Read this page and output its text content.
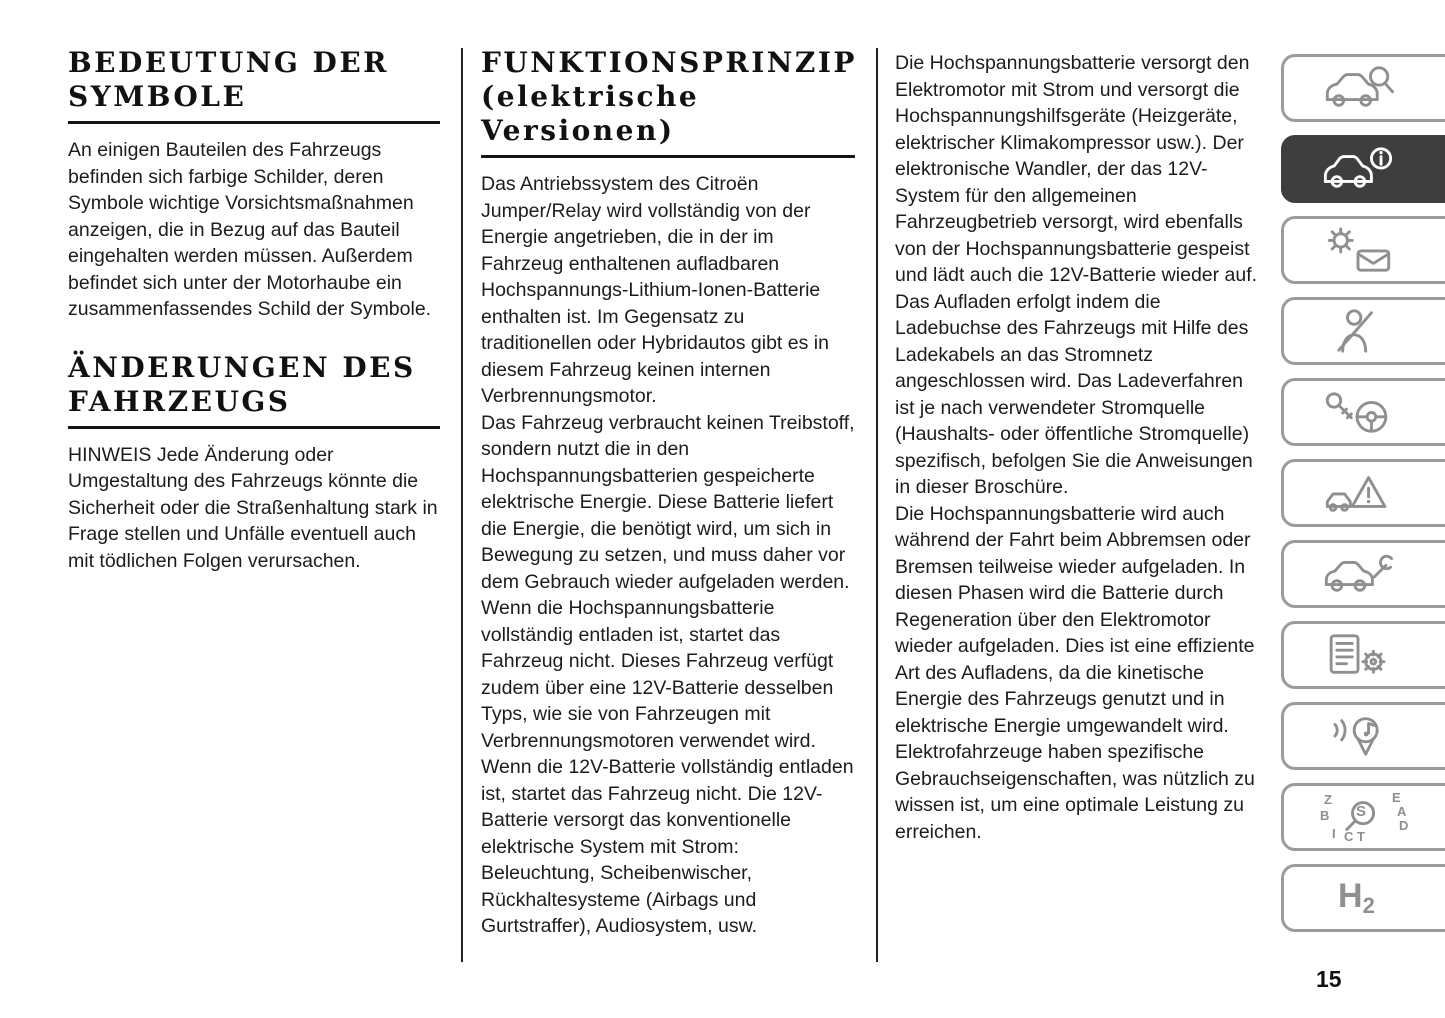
BEDEUTUNG DER SYMBOLE

An einigen Bauteilen des Fahrzeugs befinden sich farbige Schilder, deren Symbole wichtige Vorsichtsmaßnahmen anzeigen, die in Bezug auf das Bauteil eingehalten werden müssen. Außerdem befindet sich unter der Motorhaube ein zusammenfassendes Schild der Symbole.

ÄNDERUNGEN DES FAHRZEUGS

HINWEIS Jede Änderung oder Umgestaltung des Fahrzeugs könnte die Sicherheit oder die Straßenhaltung stark in Frage stellen und Unfälle eventuell auch mit tödlichen Folgen verursachen.

FUNKTIONSPRINZIP (elektrische Versionen)

Das Antriebssystem des Citroën Jumper/Relay wird vollständig von der Energie angetrieben, die in der im Fahrzeug enthaltenen aufladbaren Hochspannungs-Lithium-Ionen-Batterie enthalten ist. Im Gegensatz zu traditionellen oder Hybridautos gibt es in diesem Fahrzeug keinen internen Verbrennungsmotor.

Das Fahrzeug verbraucht keinen Treibstoff, sondern nutzt die in den Hochspannungsbatterien gespeicherte elektrische Energie. Diese Batterie liefert die Energie, die benötigt wird, um sich in Bewegung zu setzen, und muss daher vor dem Gebrauch wieder aufgeladen werden. Wenn die Hochspannungsbatterie vollständig entladen ist, startet das Fahrzeug nicht. Dieses Fahrzeug verfügt zudem über eine 12V-Batterie desselben Typs, wie sie von Fahrzeugen mit Verbrennungsmotoren verwendet wird. Wenn die 12V-Batterie vollständig entladen ist, startet das Fahrzeug nicht. Die 12V-Batterie versorgt das konventionelle elektrische System mit Strom: Beleuchtung, Scheibenwischer, Rückhaltesysteme (Airbags und Gurtstraffer), Audiosystem, usw.

Die Hochspannungsbatterie versorgt den Elektromotor mit Strom und versorgt die Hochspannungshilfsgeräte (Heizgeräte, elektrischer Klimakompressor usw.). Der elektronische Wandler, der das 12V-System für den allgemeinen Fahrzeugbetrieb versorgt, wird ebenfalls von der Hochspannungsbatterie gespeist und lädt auch die 12V-Batterie wieder auf. Das Aufladen erfolgt indem die Ladebuchse des Fahrzeugs mit Hilfe des Ladekabels an das Stromnetz angeschlossen wird. Das Ladeverfahren ist je nach verwendeter Stromquelle (Haushalts- oder öffentliche Stromquelle) spezifisch, befolgen Sie die Anweisungen in dieser Broschüre.

Die Hochspannungsbatterie wird auch während der Fahrt beim Abbremsen oder Bremsen teilweise wieder aufgeladen. In diesen Phasen wird die Batterie durch Regeneration über den Elektromotor wieder aufgeladen. Dies ist eine effiziente Art des Aufladens, da die kinetische Energie des Fahrzeugs genutzt und in elektrische Energie umgewandelt wird.

Elektrofahrzeuge haben spezifische Gebrauchseigenschaften, was nützlich zu wissen ist, um eine optimale Leistung zu erreichen.

Z
B
I C T
E
A
D
S
H2
15
